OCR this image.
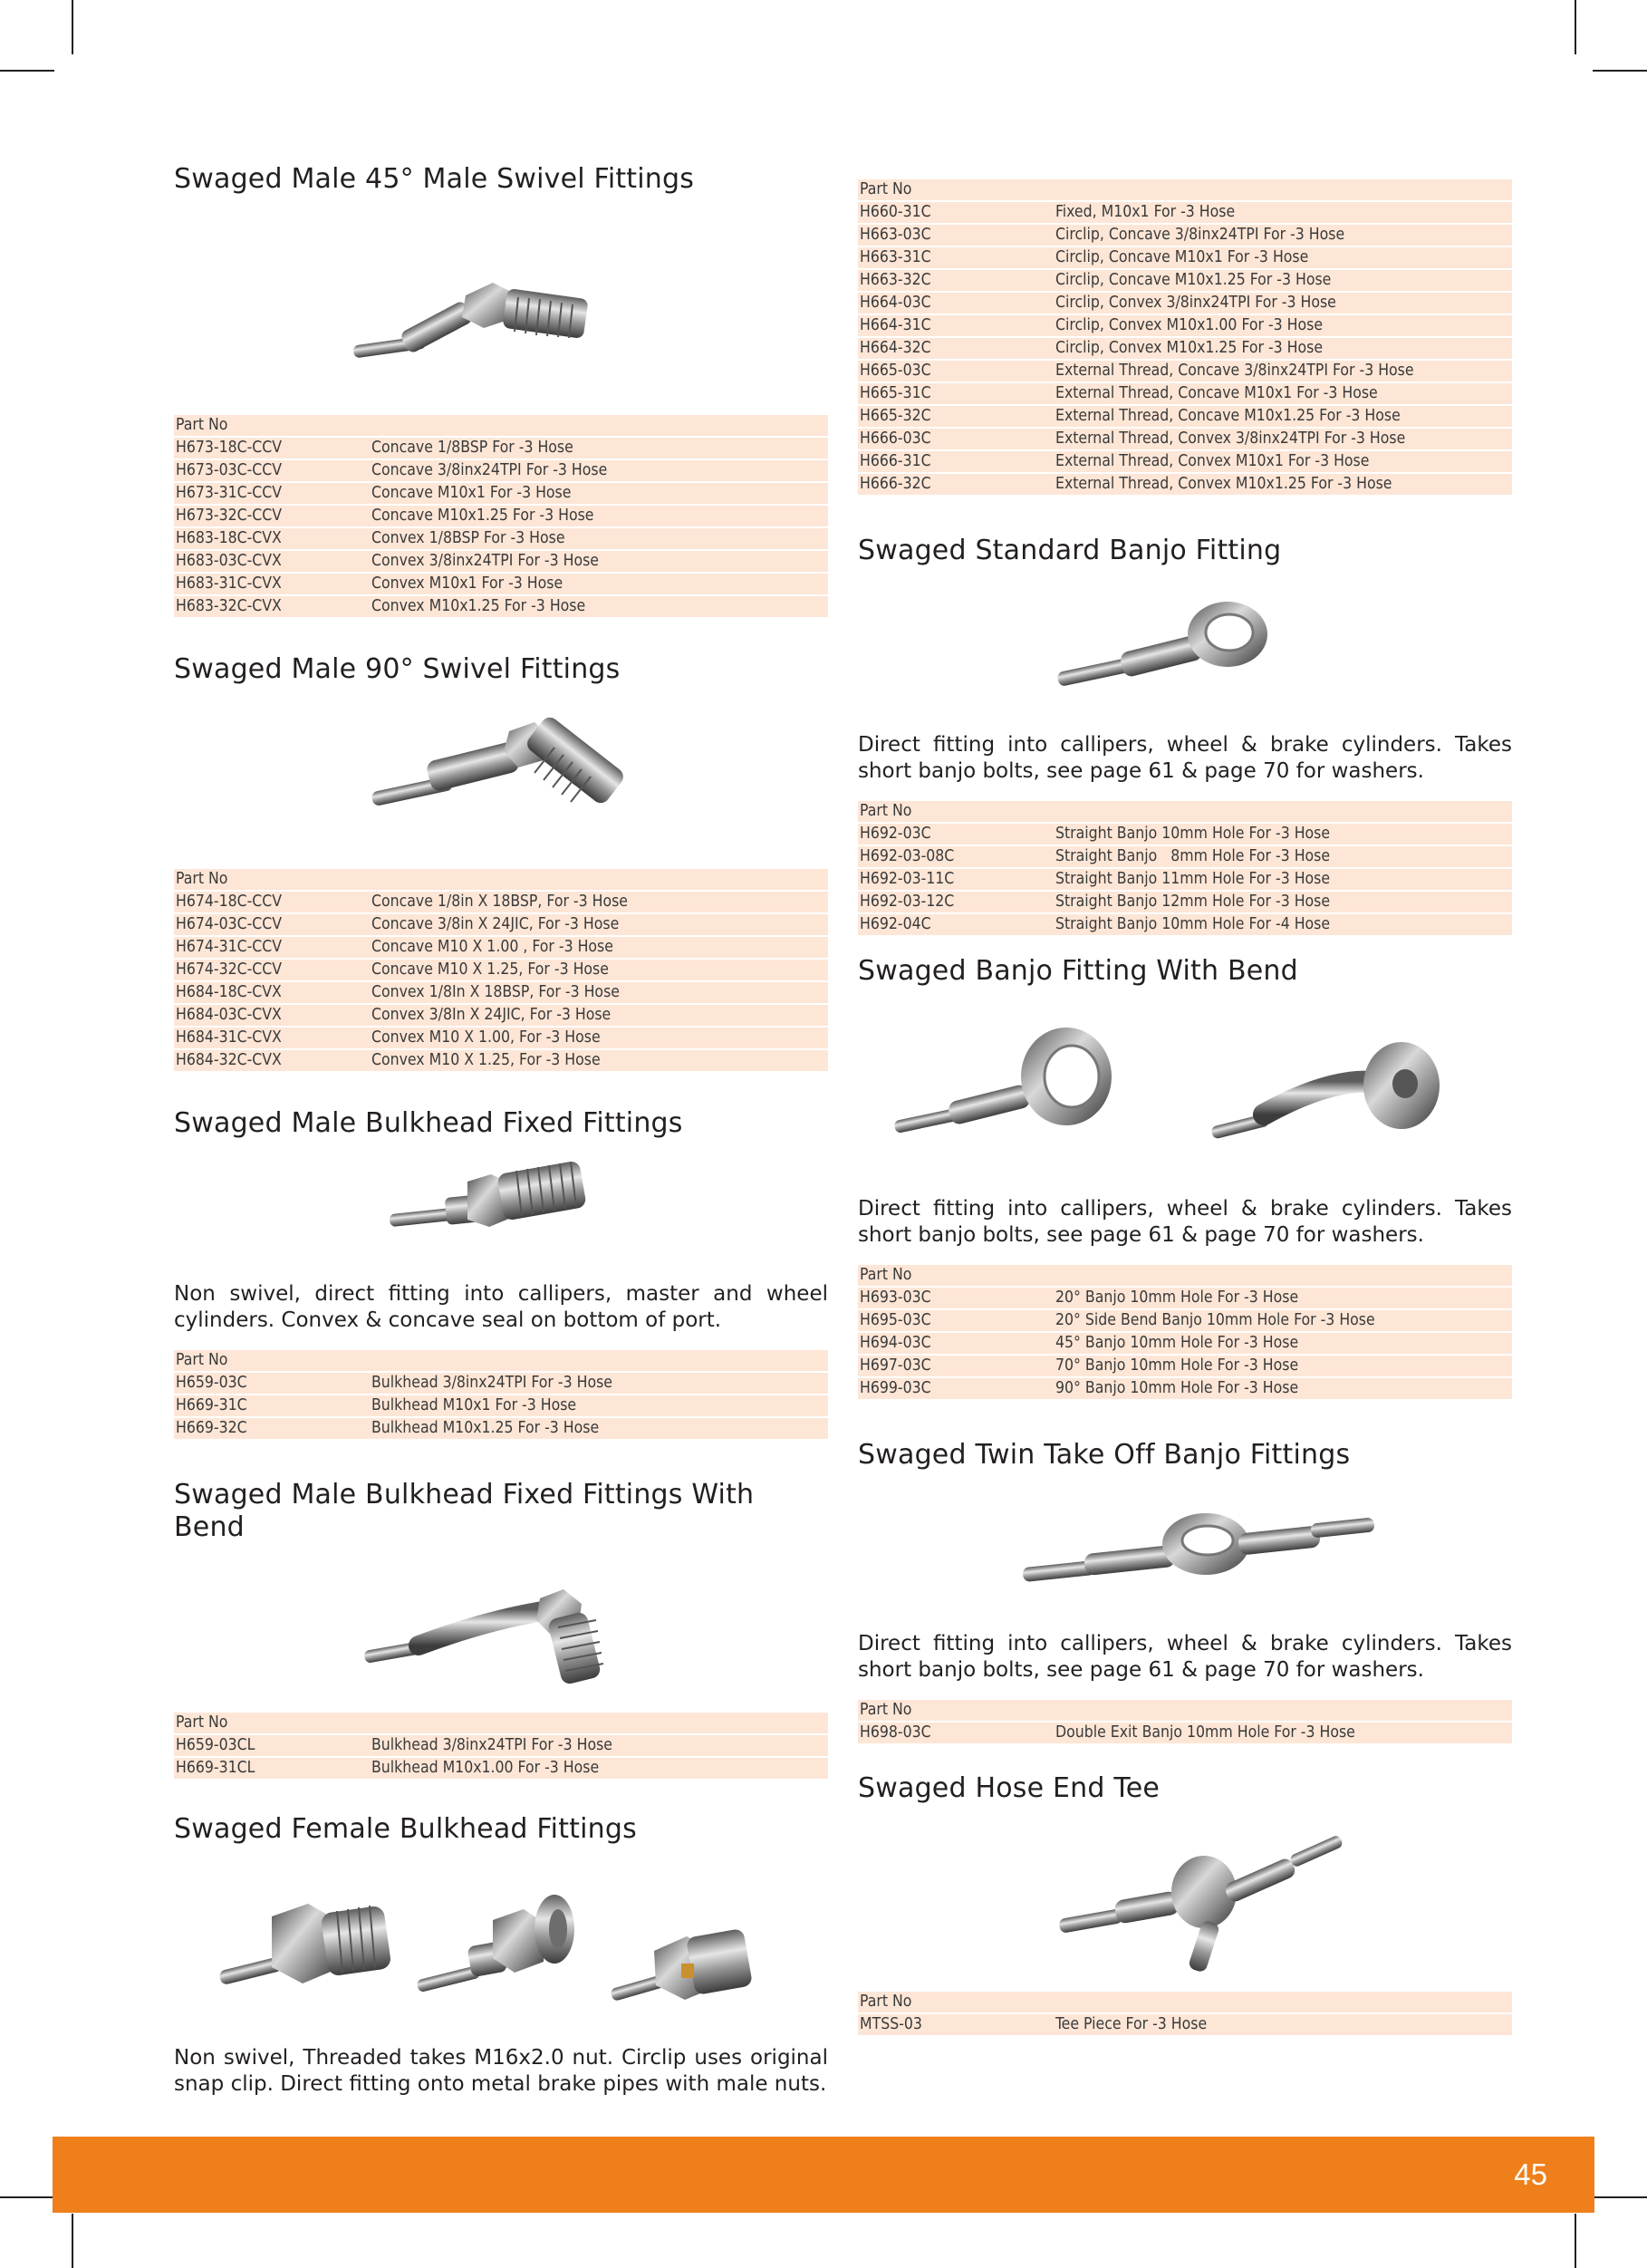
Swaged Male 45° Male Swivel Fittings
Part No	
H673-18C-CCV	Concave 1/8BSP For -3 Hose
H673-03C-CCV	Concave 3/8inx24TPI For -3 Hose
H673-31C-CCV	Concave M10x1 For -3 Hose
H673-32C-CCV	Concave M10x1.25 For -3 Hose
H683-18C-CVX	Convex 1/8BSP For -3 Hose
H683-03C-CVX	Convex 3/8inx24TPI For -3 Hose
H683-31C-CVX	Convex M10x1 For -3 Hose
H683-32C-CVX	Convex M10x1.25 For -3 Hose
Swaged Male 90° Swivel Fittings
Part No	
H674-18C-CCV	Concave 1/8in X 18BSP, For -3 Hose
H674-03C-CCV	Concave 3/8in X 24JIC, For -3 Hose
H674-31C-CCV	Concave M10 X 1.00 , For -3 Hose
H674-32C-CCV	Concave M10 X 1.25, For -3 Hose
H684-18C-CVX	Convex 1/8In X 18BSP, For -3 Hose
H684-03C-CVX	Convex 3/8In X 24JIC, For -3 Hose
H684-31C-CVX	Convex M10 X 1.00, For -3 Hose
H684-32C-CVX	Convex M10 X 1.25, For -3 Hose
Swaged Male Bulkhead Fixed Fittings

Non swivel, direct fitting into callipers, master and wheel cylinders. Convex & concave seal on bottom of port.

Part No	
H659-03C	Bulkhead 3/8inx24TPI For -3 Hose
H669-31C	Bulkhead M10x1 For -3 Hose
H669-32C	Bulkhead M10x1.25 For -3 Hose
Swaged Male Bulkhead Fixed Fittings With Bend
Part No	
H659-03CL	Bulkhead 3/8inx24TPI For -3 Hose
H669-31CL	Bulkhead M10x1.00 For -3 Hose
Swaged Female Bulkhead Fittings

Non swivel, Threaded takes M16x2.0 nut. Circlip uses original snap clip. Direct fitting onto metal brake pipes with male nuts.

Part No	
H660-31C	Fixed, M10x1 For -3 Hose
H663-03C	Circlip, Concave 3/8inx24TPI For -3 Hose
H663-31C	Circlip, Concave M10x1 For -3 Hose
H663-32C	Circlip, Concave M10x1.25 For -3 Hose
H664-03C	Circlip, Convex 3/8inx24TPI For -3 Hose
H664-31C	Circlip, Convex M10x1.00 For -3 Hose
H664-32C	Circlip, Convex M10x1.25 For -3 Hose
H665-03C	External Thread, Concave 3/8inx24TPI For -3 Hose
H665-31C	External Thread, Concave M10x1 For -3 Hose
H665-32C	External Thread, Concave M10x1.25 For -3 Hose
H666-03C	External Thread, Convex 3/8inx24TPI For -3 Hose
H666-31C	External Thread, Convex M10x1 For -3 Hose
H666-32C	External Thread, Convex M10x1.25 For -3 Hose
Swaged Standard Banjo Fitting

Direct fitting into callipers, wheel & brake cylinders. Takes short banjo bolts, see page 61 & page 70 for washers.

Part No	
H692-03C	Straight Banjo 10mm Hole For -3 Hose
H692-03-08C	Straight Banjo   8mm Hole For -3 Hose
H692-03-11C	Straight Banjo 11mm Hole For -3 Hose
H692-03-12C	Straight Banjo 12mm Hole For -3 Hose
H692-04C	Straight Banjo 10mm Hole For -4 Hose
Swaged Banjo Fitting With Bend

Direct fitting into callipers, wheel & brake cylinders. Takes short banjo bolts, see page 61 & page 70 for washers.

Part No	
H693-03C	20° Banjo 10mm Hole For -3 Hose
H695-03C	20° Side Bend Banjo 10mm Hole For -3 Hose
H694-03C	45° Banjo 10mm Hole For -3 Hose
H697-03C	70° Banjo 10mm Hole For -3 Hose
H699-03C	90° Banjo 10mm Hole For -3 Hose
Swaged Twin Take Off Banjo Fittings

Direct fitting into callipers, wheel & brake cylinders. Takes short banjo bolts, see page 61 & page 70 for washers.

Part No
H698-03C	Double Exit Banjo 10mm Hole For -3 Hose
Swaged Hose End Tee
Part No
MTSS-03	Tee Piece For -3 Hose
45
